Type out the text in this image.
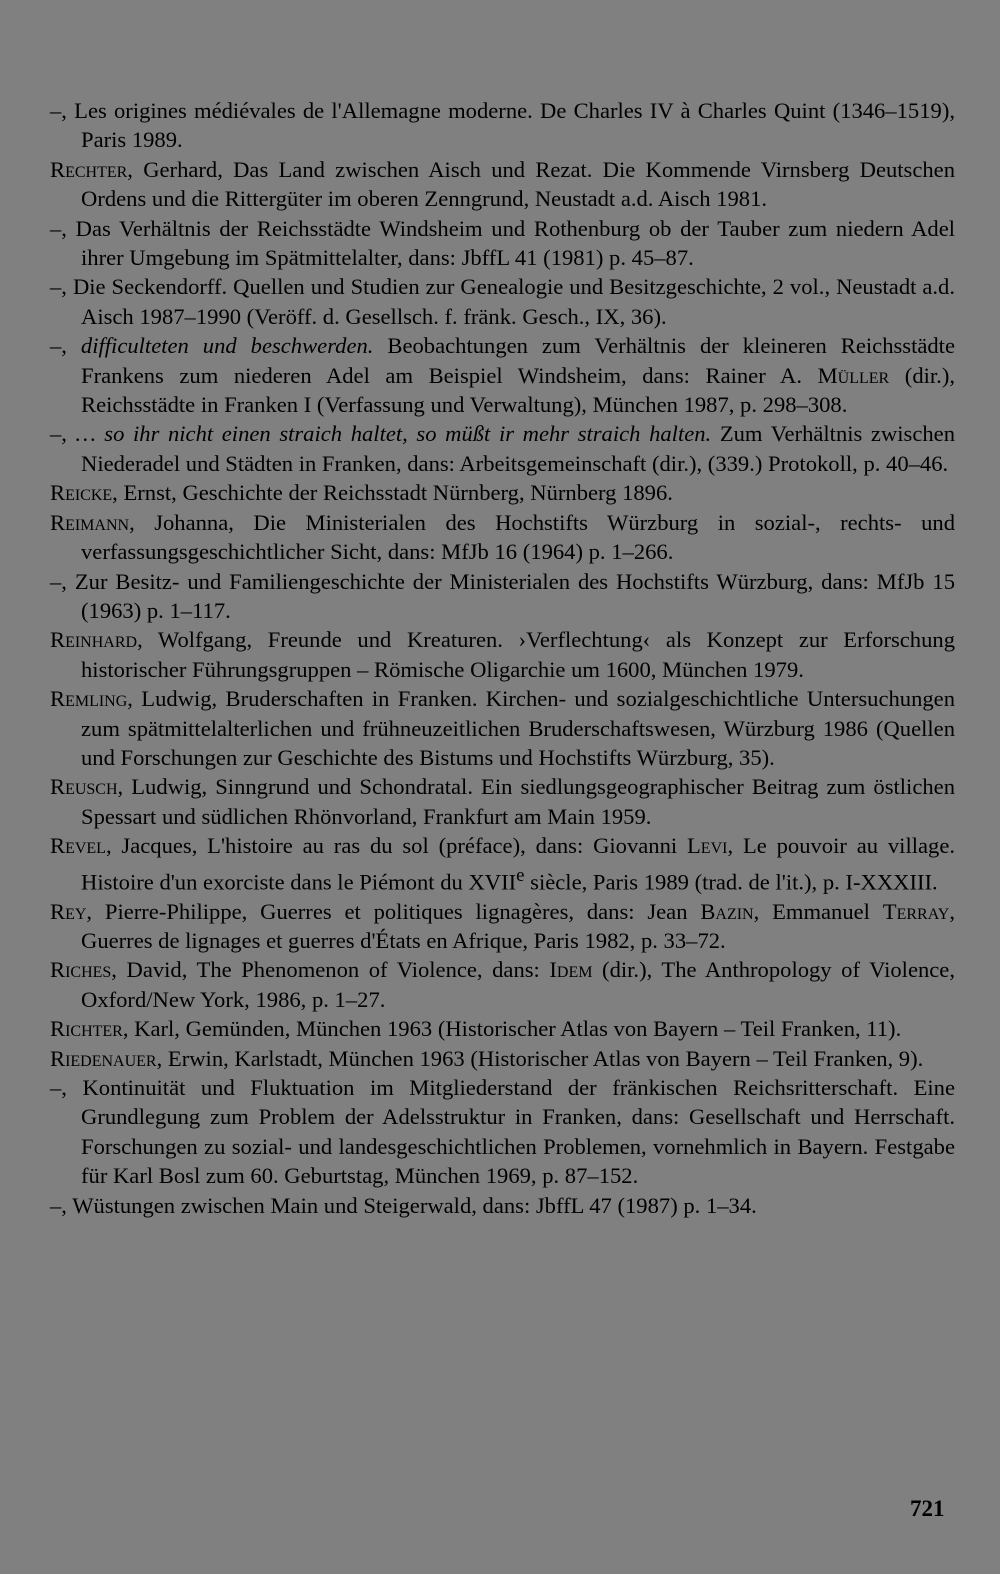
–, Les origines médiévales de l'Allemagne moderne. De Charles IV à Charles Quint (1346–1519), Paris 1989.

Rechter, Gerhard, Das Land zwischen Aisch und Rezat. Die Kommende Virnsberg Deutschen Ordens und die Rittergüter im oberen Zenngrund, Neustadt a.d. Aisch 1981.

–, Das Verhältnis der Reichsstädte Windsheim und Rothenburg ob der Tauber zum niedern Adel ihrer Umgebung im Spätmittelalter, dans: JbffL 41 (1981) p. 45–87.

–, Die Seckendorff. Quellen und Studien zur Genealogie und Besitzgeschichte, 2 vol., Neustadt a.d. Aisch 1987–1990 (Veröff. d. Gesellsch. f. fränk. Gesch., IX, 36).

–, difficulteten und beschwerden. Beobachtungen zum Verhältnis der kleineren Reichsstädte Frankens zum niederen Adel am Beispiel Windsheim, dans: Rainer A. Müller (dir.), Reichsstädte in Franken I (Verfassung und Verwaltung), München 1987, p. 298–308.

–, … so ihr nicht einen straich haltet, so müßt ir mehr straich halten. Zum Verhältnis zwischen Niederadel und Städten in Franken, dans: Arbeitsgemeinschaft (dir.), (339.) Protokoll, p. 40–46.

Reicke, Ernst, Geschichte der Reichsstadt Nürnberg, Nürnberg 1896.

Reimann, Johanna, Die Ministerialen des Hochstifts Würzburg in sozial-, rechts- und verfassungsgeschichtlicher Sicht, dans: MfJb 16 (1964) p. 1–266.

–, Zur Besitz- und Familiengeschichte der Ministerialen des Hochstifts Würzburg, dans: MfJb 15 (1963) p. 1–117.

Reinhard, Wolfgang, Freunde und Kreaturen. ›Verflechtung‹ als Konzept zur Erforschung historischer Führungsgruppen – Römische Oligarchie um 1600, München 1979.

Remling, Ludwig, Bruderschaften in Franken. Kirchen- und sozialgeschichtliche Untersuchungen zum spätmittelalterlichen und frühneuzeitlichen Bruderschaftswesen, Würzburg 1986 (Quellen und Forschungen zur Geschichte des Bistums und Hochstifts Würzburg, 35).

Reusch, Ludwig, Sinngrund und Schondratal. Ein siedlungsgeographischer Beitrag zum östlichen Spessart und südlichen Rhönvorland, Frankfurt am Main 1959.

Revel, Jacques, L'histoire au ras du sol (préface), dans: Giovanni Levi, Le pouvoir au village. Histoire d'un exorciste dans le Piémont du XVIIe siècle, Paris 1989 (trad. de l'it.), p. I-XXXIII.

Rey, Pierre-Philippe, Guerres et politiques lignagères, dans: Jean Bazin, Emmanuel Terray, Guerres de lignages et guerres d'États en Afrique, Paris 1982, p. 33–72.

Riches, David, The Phenomenon of Violence, dans: Idem (dir.), The Anthropology of Violence, Oxford/New York, 1986, p. 1–27.

Richter, Karl, Gemünden, München 1963 (Historischer Atlas von Bayern – Teil Franken, 11).

Riedenauer, Erwin, Karlstadt, München 1963 (Historischer Atlas von Bayern – Teil Franken, 9).

–, Kontinuität und Fluktuation im Mitgliederstand der fränkischen Reichsritterschaft. Eine Grundlegung zum Problem der Adelsstruktur in Franken, dans: Gesellschaft und Herrschaft. Forschungen zu sozial- und landesgeschichtlichen Problemen, vornehmlich in Bayern. Festgabe für Karl Bosl zum 60. Geburtstag, München 1969, p. 87–152.

–, Wüstungen zwischen Main und Steigerwald, dans: JbffL 47 (1987) p. 1–34.

721
